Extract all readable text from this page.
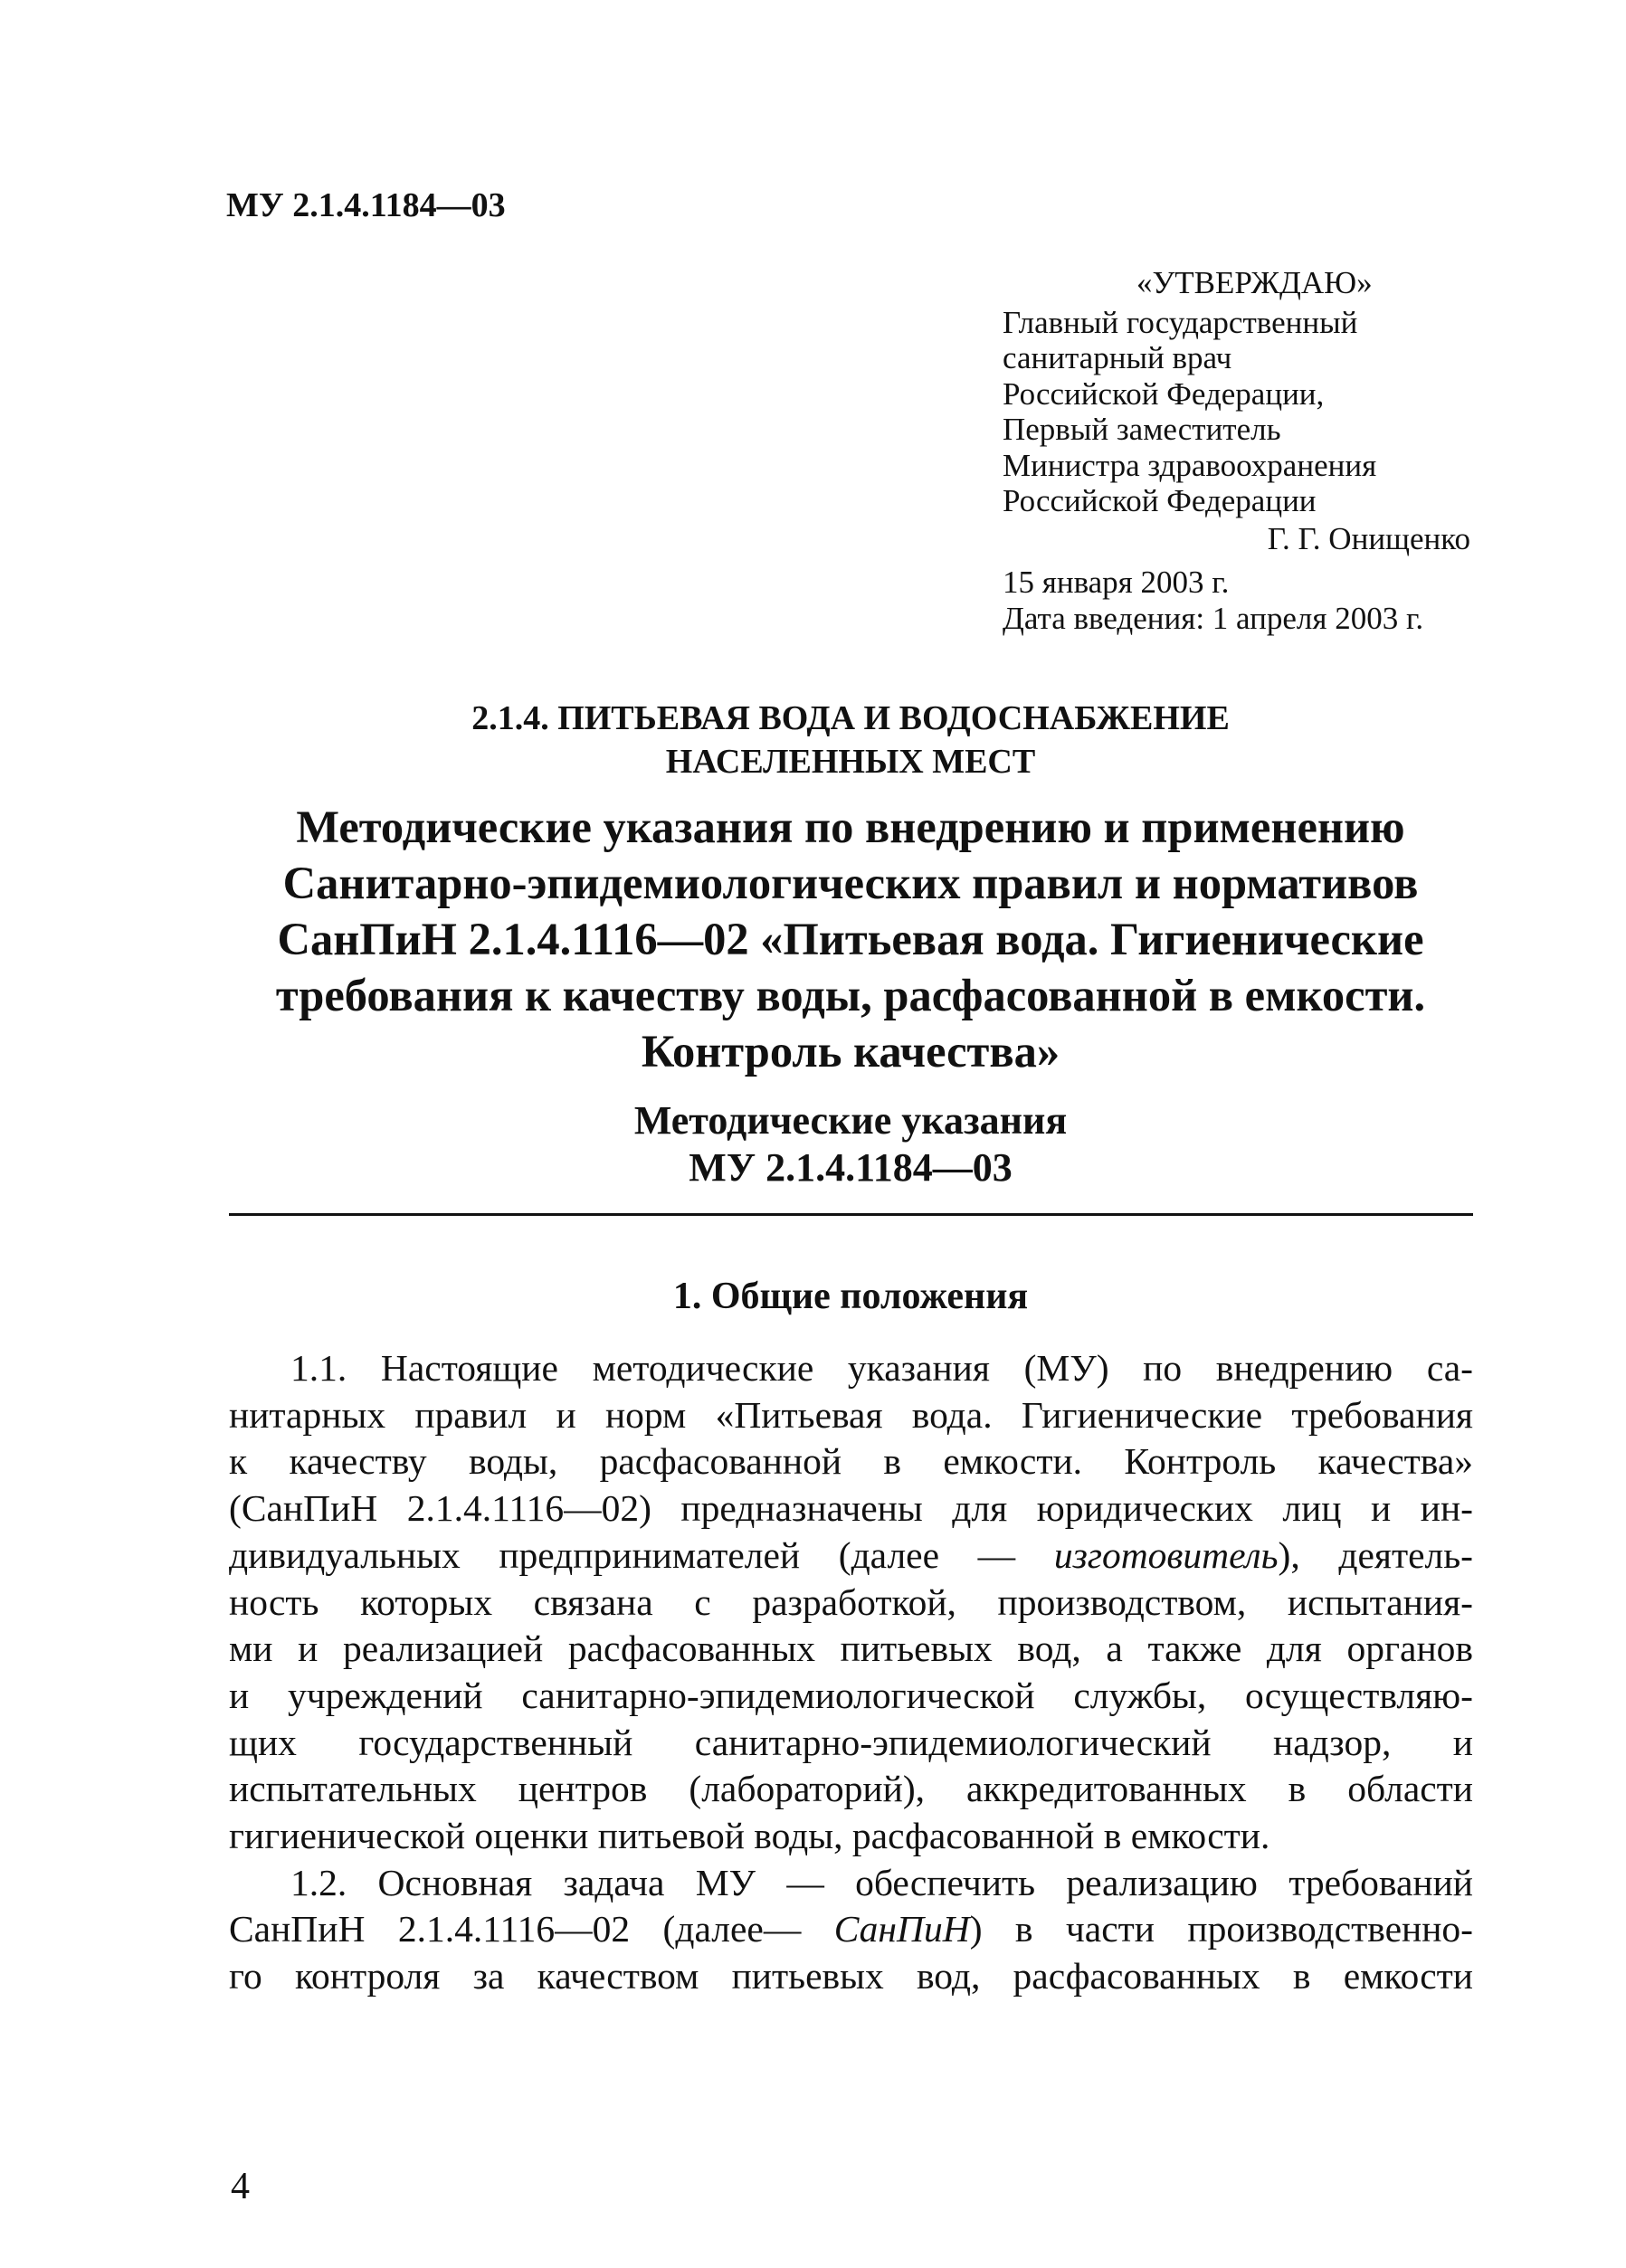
МУ 2.1.4.1184—03
«УТВЕРЖДАЮ»
Главный государственный
санитарный врач
Российской Федерации,
Первый заместитель
Министра здравоохранения
Российской Федерации
Г. Г. Онищенко
15 января 2003 г.
Дата введения: 1 апреля 2003 г.
2.1.4. ПИТЬЕВАЯ ВОДА И ВОДОСНАБЖЕНИЕ
НАСЕЛЕННЫХ МЕСТ
Методические указания по внедрению и применению
Санитарно-эпидемиологических правил и нормативов
СанПиН 2.1.4.1116—02 «Питьевая вода. Гигиенические
требования к качеству воды, расфасованной в емкости.
Контроль качества»
Методические указания
МУ 2.1.4.1184—03
1. Общие положения

1.1. Настоящие методические указания (МУ) по внедрению са-
нитарных правил и норм «Питьевая вода. Гигиенические требования
к качеству воды, расфасованной в емкости. Контроль качества»
(СанПиН 2.1.4.1116—02) предназначены для юридических лиц и ин-
дивидуальных предпринимателей (далее — изготовитель), деятель-
ность которых связана с разработкой, производством, испытания-
ми и реализацией расфасованных питьевых вод, а также для органов
и учреждений санитарно-эпидемиологической службы, осуществляю-
щих государственный санитарно-эпидемиологический надзор, и
испытательных центров (лабораторий), аккредитованных в области
гигиенической оценки питьевой воды, расфасованной в емкости.

1.2. Основная задача МУ — обеспечить реализацию требований
СанПиН 2.1.4.1116—02 (далее— СанПиН) в части производственно-
го контроля за качеством питьевых вод, расфасованных в емкости

4
